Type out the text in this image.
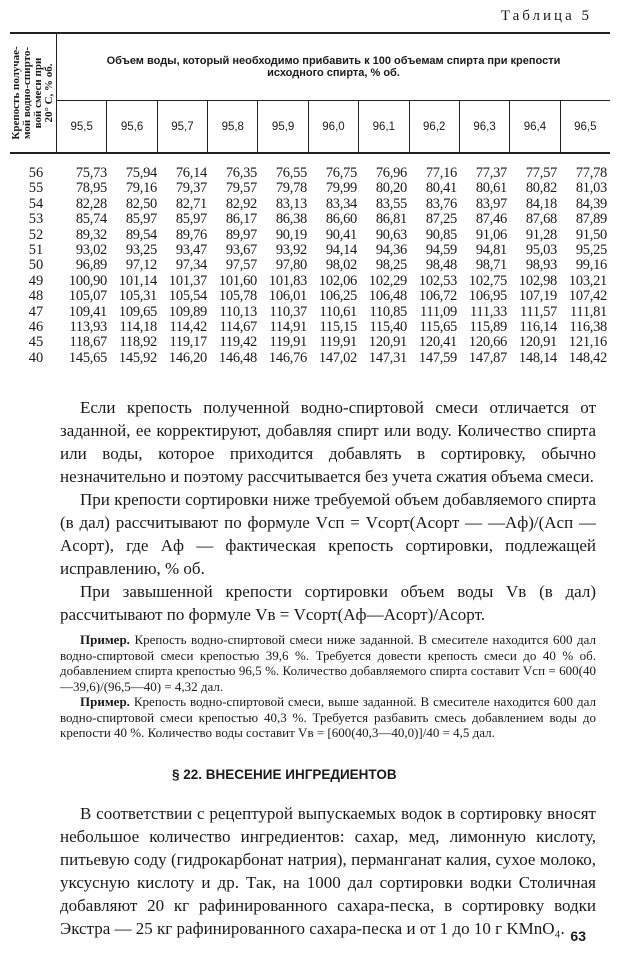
Таблица 5
Крепость получае-
мой водно-спирто-
вой смеси при
20° С, % об.
Объем воды, который необходимо прибавить к 100 объемам спирта при крепости исходного спирта, % об.
95,5	95,6	95,7	95,8	95,9	96,0	96,1	96,2	96,3	96,4	96,5
56	75,73	75,94	76,14	76,35	76,55	76,75	76,96	77,16	77,37	77,57	77,78
55	78,95	79,16	79,37	79,57	79,78	79,99	80,20	80,41	80,61	80,82	81,03
54	82,28	82,50	82,71	82,92	83,13	83,34	83,55	83,76	83,97	84,18	84,39
53	85,74	85,97	85,97	86,17	86,38	86,60	86,81	87,25	87,46	87,68	87,89
52	89,32	89,54	89,76	89,97	90,19	90,41	90,63	90,85	91,06	91,28	91,50
51	93,02	93,25	93,47	93,67	93,92	94,14	94,36	94,59	94,81	95,03	95,25
50	96,89	97,12	97,34	97,57	97,80	98,02	98,25	98,48	98,71	98,93	99,16
49	100,90 101,14 101,37 101,60 101,83 102,06 102,29 102,53 102,75 102,98 103,21
48	105,07 105,31 105,54 105,78 106,01 106,25 106,48 106,72 106,95 107,19 107,42
47	109,41 109,65 109,89 110,13 110,37 110,61 110,85 111,09 111,33 111,57 111,81
46	113,93 114,18 114,42 114,67 114,91 115,15 115,40 115,65 115,89 116,14 116,38
45	118,67 118,92 119,17 119,42 119,91 119,91 120,91 120,41 120,66 120,91 121,16
40	145,65 145,92 146,20 146,48 146,76 147,02 147,31 147,59 147,87 148,14 148,42

Если крепость полученной водно-спиртовой смеси отличается от заданной, ее корректируют, добавляя спирт или воду. Количество спирта или воды, которое приходится добавлять в сортировку, обычно незначительно и поэтому рассчитывается без учета сжатия объема смеси.

При крепости сортировки ниже требуемой объем добавляемого спирта (в дал) рассчитывают по формуле Vсп = Vсорт(Aсорт — —Aф)/(Aсп — Aсорт), где Aф — фактическая крепость сортировки, подлежащей исправлению, % об.

При завышенной крепости сортировки объем воды Vв (в дал) рассчитывают по формуле Vв = Vсорт(Aф—Aсорт)/Aсорт.

Пример. Крепость водно-спиртовой смеси ниже заданной. В смесителе находится 600 дал водно-спиртовой смеси крепостью 39,6 %. Требуется довести крепость смеси до 40 % об. добавлением спирта крепостью 96,5 %. Количество добавляемого спирта составит Vсп = 600(40—39,6)/(96,5—40) = 4,32 дал.

Пример. Крепость водно-спиртовой смеси, выше заданной. В смесителе находится 600 дал водно-спиртовой смеси крепостью 40,3 %. Требуется разбавить смесь добавлением воды до крепости 40 %. Количество воды составит Vв = [600(40,3—40,0)]/40 = 4,5 дал.

§ 22. ВНЕСЕНИЕ ИНГРЕДИЕНТОВ

В соответствии с рецептурой выпускаемых водок в сортировку вносят небольшое количество ингредиентов: сахар, мед, лимонную кислоту, питьевую соду (гидрокарбонат натрия), перманганат калия, сухое молоко, уксусную кислоту и др. Так, на 1000 дал сортировки водки Столичная добавляют 20 кг рафинированного сахара-песка, в сортировку водки Экстра — 25 кг рафинированного сахара-песка и от 1 до 10 г KMnO₄. 63
